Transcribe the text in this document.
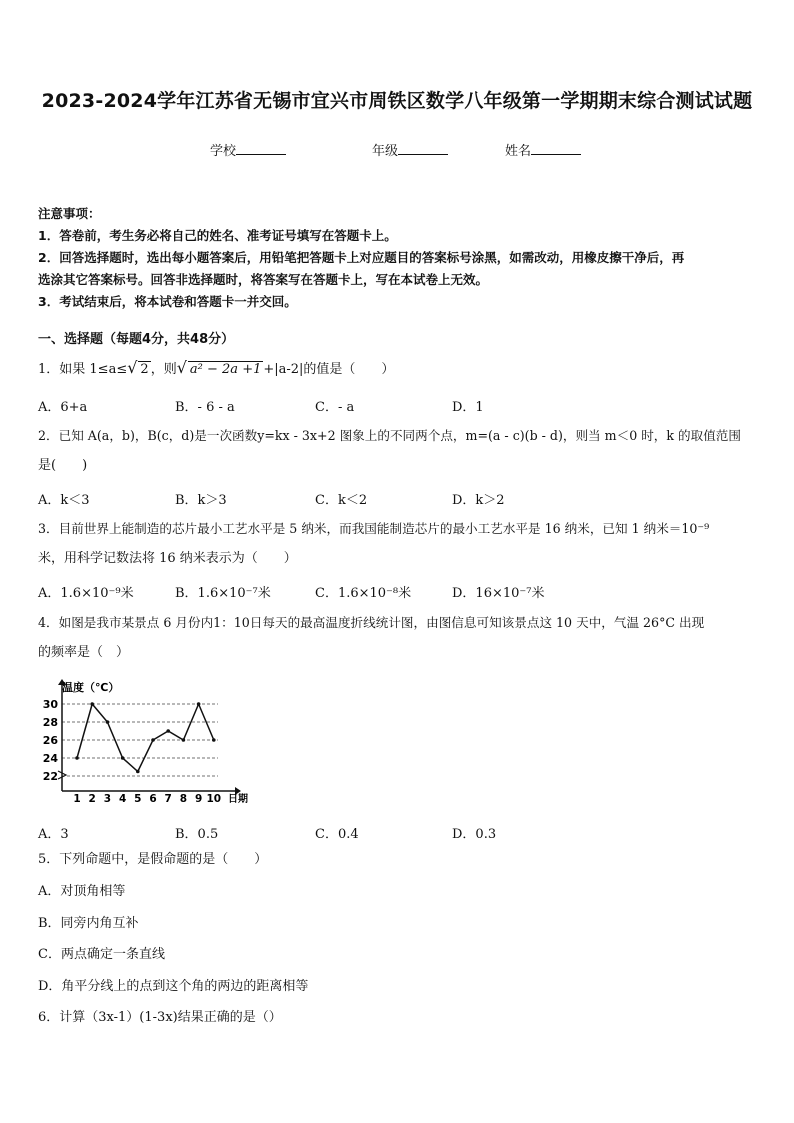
2023-2024学年江苏省无锡市宜兴市周铁区数学八年级第一学期期末综合测试试题
学校	年级	姓名

注意事项：

1．答卷前，考生务必将自己的姓名、准考证号填写在答题卡上。

2．回答选择题时，选出每小题答案后，用铅笔把答题卡上对应题目的答案标号涂黑，如需改动，用橡皮擦干净后，再

选涂其它答案标号。回答非选择题时，将答案写在答题卡上，写在本试卷上无效。

3．考试结束后，将本试卷和答题卡一并交回。

一、选择题（每题4分，共48分）
1．如果 1≤a≤√ 2 ，则√ a² − 2a +1 +|a-2|的值是（　　）
A．6+a	B．- 6 - a	C．- a	D．1
2．已知 A(a，b)，B(c，d)是一次函数y=kx - 3x+2 图象上的不同两个点，m=(a - c)(b - d)，则当 m＜0 时，k 的取值范围
是(　　)
A．k＜3	B．k＞3	C．k＜2	D．k＞2
3．目前世界上能制造的芯片最小工艺水平是 5 纳米，而我国能制造芯片的最小工艺水平是 16 纳米，已知 1 纳米＝10⁻⁹
米，用科学记数法将 16 纳米表示为（　　）
A．1.6×10⁻⁹米	B．1.6×10⁻⁷米	C．1.6×10⁻⁸米	D．16×10⁻⁷米
4．如图是我市某景点 6 月份内1：10日每天的最高温度折线统计图，由图信息可知该景点这 10 天中，气温 26°C 出现
的频率是（　）
温度（℃）
日期
22
24
26
28
30
1 2 3 4 5 6 7 8 9 10
A．3	B．0.5	C．0.4	D．0.3
5．下列命题中，是假命题的是（　　）
A．对顶角相等
B．同旁内角互补
C．两点确定一条直线
D．角平分线上的点到这个角的两边的距离相等
6．计算（3x-1）(1-3x)结果正确的是（）
